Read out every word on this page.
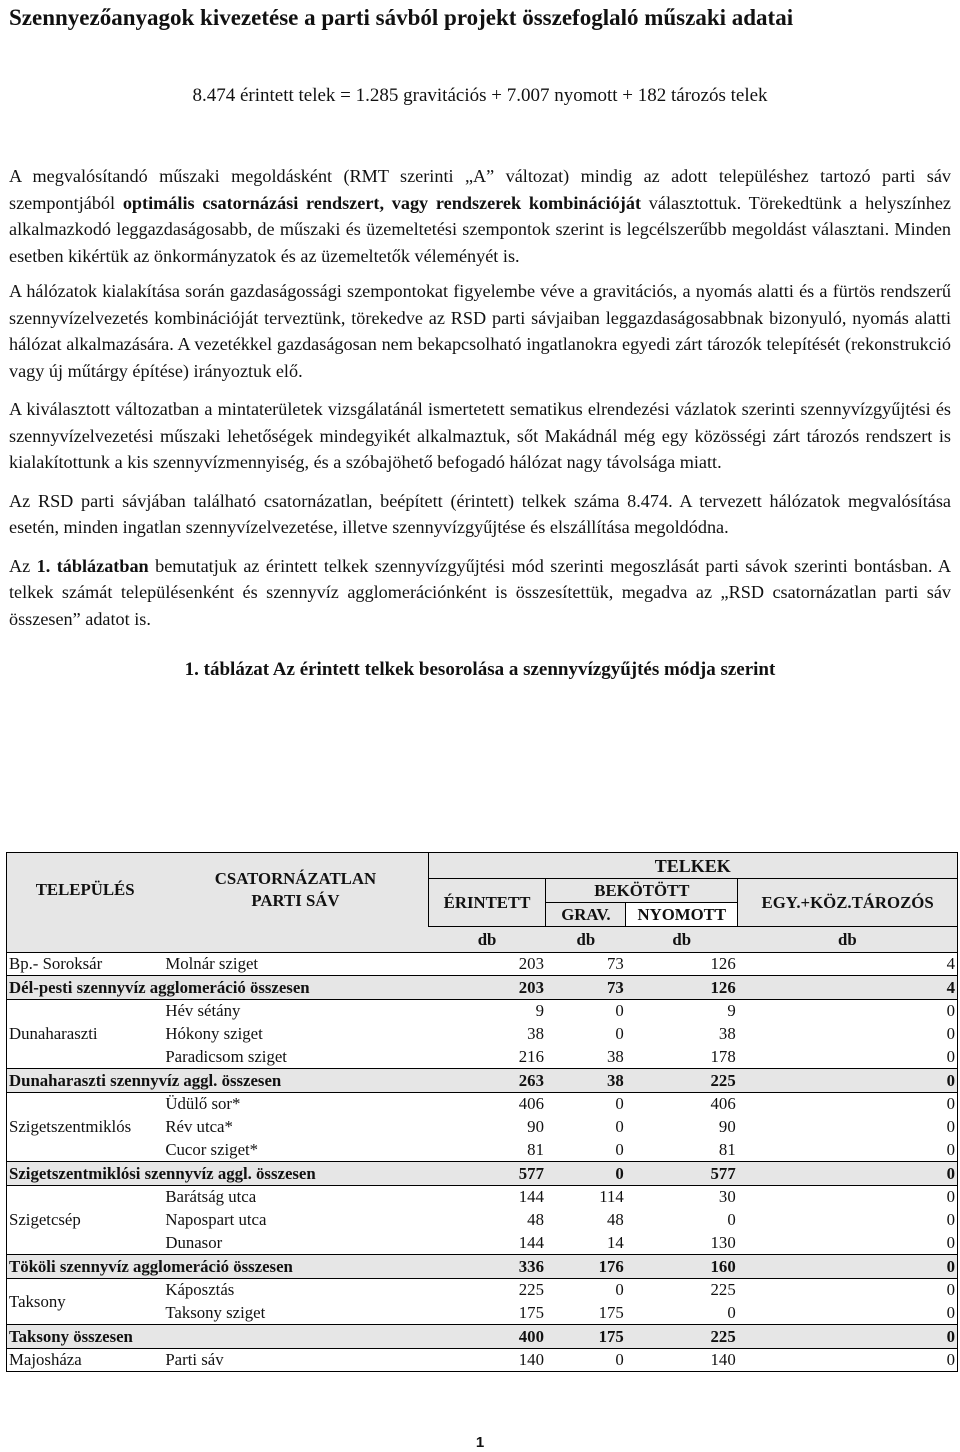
Szennyezőanyagok kivezetése a parti sávból projekt összefoglaló műszaki adatai
8.474 érintett telek = 1.285 gravitációs + 7.007 nyomott + 182 tározós telek

A megvalósítandó műszaki megoldásként (RMT szerinti „A” változat) mindig az adott településhez tartozó parti sáv szempontjából optimális csatornázási rendszert, vagy rendszerek kombinációját választottuk. Törekedtünk a helyszínhez alkalmazkodó leggazdaságosabb, de műszaki és üzemeltetési szempontok szerint is legcélszerűbb megoldást választani. Minden esetben kikértük az önkormányzatok és az üzemeltetők véleményét is.

A hálózatok kialakítása során gazdaságossági szempontokat figyelembe véve a gravitációs, a nyomás alatti és a fürtös rendszerű szennyvízelvezetés kombinációját terveztünk, törekedve az RSD parti sávjaiban leggazdaságosabbnak bizonyuló, nyomás alatti hálózat alkalmazására. A vezetékkel gazdaságosan nem bekapcsolható ingatlanokra egyedi zárt tározók telepítését (rekonstrukció vagy új műtárgy építése) irányoztuk elő.

A kiválasztott változatban a mintaterületek vizsgálatánál ismertetett sematikus elrendezési vázlatok szerinti szennyvízgyűjtési és szennyvízelvezetési műszaki lehetőségek mindegyikét alkalmaztuk, sőt Makádnál még egy közösségi zárt tározós rendszert is kialakítottunk a kis szennyvízmennyiség, és a szóbajöhető befogadó hálózat nagy távolsága miatt.

Az RSD parti sávjában található csatornázatlan, beépített (érintett) telkek száma 8.474. A tervezett hálózatok megvalósítása esetén, minden ingatlan szennyvízelvezetése, illetve szennyvízgyűjtése és elszállítása megoldódna.

Az 1. táblázatban bemutatjuk az érintett telkek szennyvízgyűjtési mód szerinti megoszlását parti sávok szerinti bontásban. A telkek számát településenként és szennyvíz agglomerációnként is összesítettük, megadva az „RSD csatornázatlan parti sáv összesen” adatot is.

1. táblázat Az érintett telkek besorolása a szennyvízgyűjtés módja szerint
TELEPÜLÉS	CSATORNÁZATLAN PARTI SÁV	TELKEK			
		ÉRINTETT	BEKÖTÖTT		EGY.+KÖZ.TÁROZÓS
			GRAV.	NYOMOTT	
		db	db	db	db
Bp.- Soroksár	Molnár sziget	203	73	126	4
Dél-pesti szennyvíz agglomeráció összesen		203	73	126	4
Dunaharaszti	Hév sétány	9	0	9	0
	Hókony sziget	38	0	38	0
	Paradicsom sziget	216	38	178	0
Dunaharaszti szennyvíz aggl. összesen		263	38	225	0
Szigetszentmiklós	Üdülő sor*	406	0	406	0
	Rév utca*	90	0	90	0
	Cucor sziget*	81	0	81	0
Szigetszentmiklósi szennyvíz aggl. összesen		577	0	577	0
Szigetcsép	Barátság utca	144	114	30	0
	Napospart utca	48	48	0	0
	Dunasor	144	14	130	0
Tököli szennyvíz agglomeráció összesen		336	176	160	0
Taksony	Káposztás	225	0	225	0
	Taksony sziget	175	175	0	0
Taksony összesen		400	175	225	0
Majosháza	Parti sáv	140	0	140	0
1
